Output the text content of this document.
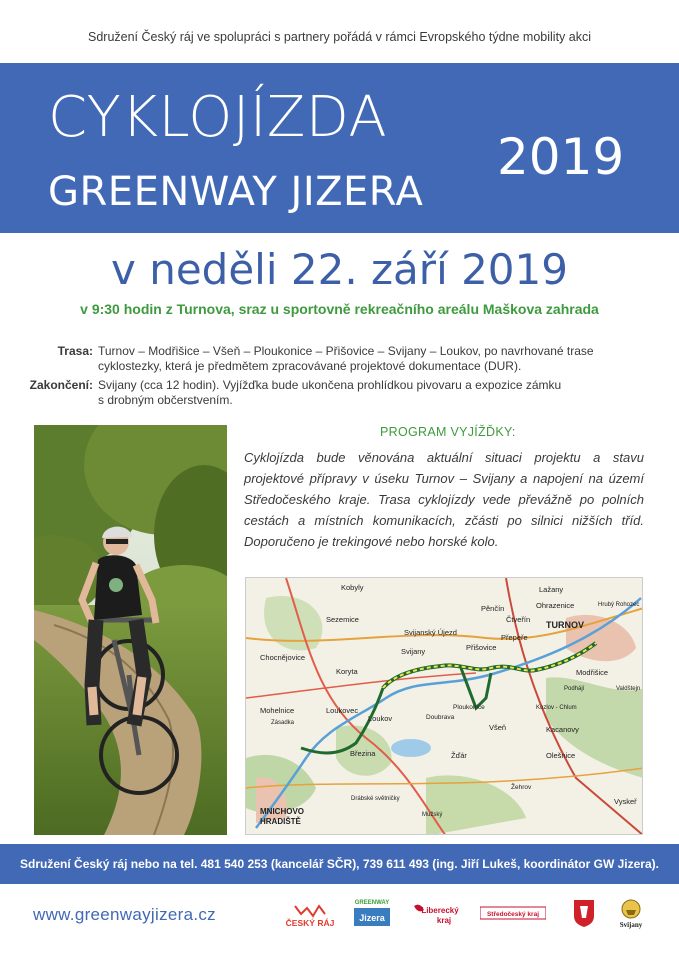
Sdružení Český ráj ve spolupráci s partnery pořádá v rámci Evropského týdne mobility akci
CYKLOJÍZDA
GREENWAY JIZERA
2019
v neděli 22. září 2019
v 9:30 hodin z Turnova, sraz u sportovně rekreačního areálu Maškova zahrada
Trasa: Turnov – Modřišice – Všeň – Ploukonice – Přišovice – Svijany – Loukov, po navrhované trase
cyklostezky, která je předmětem zpracovávané projektové dokumentace (DUR).
Zakončení: Svijany (cca 12 hodin). Vyjížďka bude ukončena prohlídkou pivovaru a expozice zámku
s drobným občerstvením.
PROGRAM VYJÍŽĎKY:
Cyklojízda bude věnována aktuální situaci projektu a stavu projektové přípravy v úseku Turnov – Svijany a napojení na území Středočeského kraje. Trasa cyklojízdy vede převážně po polních cestách a místních komunikacích, zčásti po silnici nižších tříd. Doporučeno je trekingové nebo horské kolo.
Kobyly	Lažany
Ohrazenice	Hrubý Rohozec
Pěnčín
Čtveřín
TURNOV
Sezemice
Svijanský Újezd
Přepeře
Chocnějovice
Svijany	Přišovice
Koryta	Modřišice
Podhájí	Valdštejn
Mohelnice
Zásadka
Loukovec
Loukov	Doubrava
Ploukonice	Kozlov - Chlum
Všeň	Kacanovy
Březina	Žďár	Olešnice
Žehrov
Drábské světničky
Mužský
Vyskeř
MNICHOVO
HRADIŠTĚ
Sdružení Český ráj nebo na tel. 481 540 253 (kancelář SČR), 739 611 493 (ing. Jiří Lukeš, koordinátor GW Jizera).
www.greenwayjizera.cz	ČESKÝ RÁJ
GREENWAY
Jizera
Liberecký
kraj
Středočeský kraj
Svijany
